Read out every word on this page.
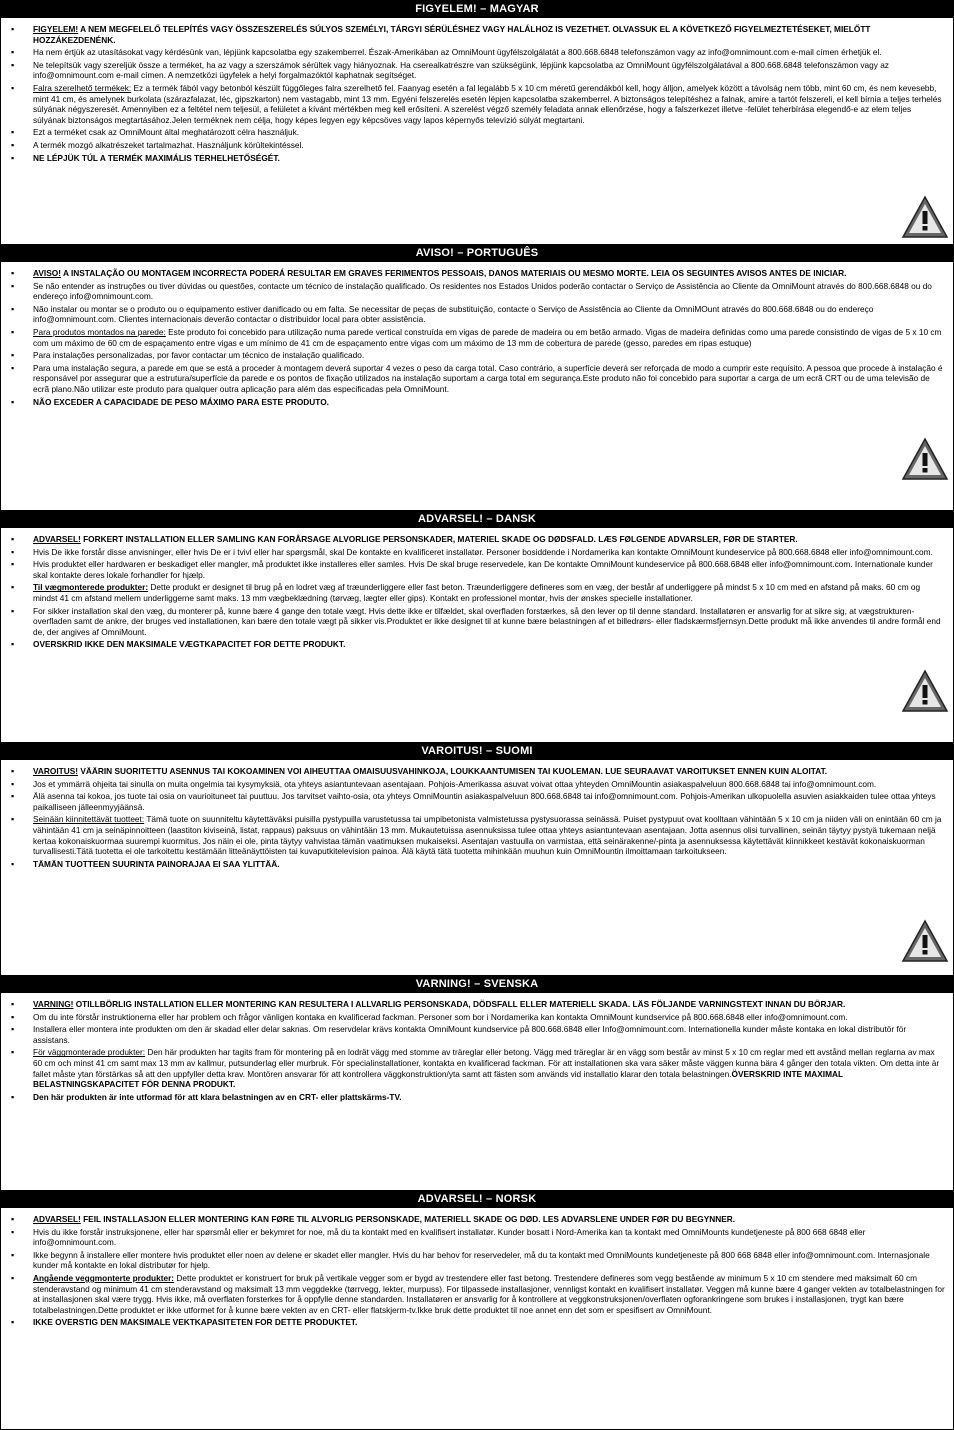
FIGYELEM! – MAGYAR
▪ FIGYELEM! A NEM MEGFELELŐ TELEPÍTÉS VAGY ÖSSZESZERELÉS SÚLYOS SZEMÉLYI, TÁRGYI SÉRÜLÉSHEZ VAGY HALÁLHOZ IS VEZETHET. OLVASSUK EL A KÖVETKEZŐ FIGYELMEZTETÉSEKET, MIELŐTT HOZZÁKEZDENÉNK.
▪ Ha nem értjük az utasításokat vagy kérdésünk van, lépjünk kapcsolatba egy szakemberrel. Észak-Amerikában az OmniMount ügyfélszolgálatát a 800.668.6848 telefonszámon vagy az info@omnimount.com e-mail címen érhetjük el.
▪ Ne telepítsük vagy szereljük össze a terméket, ha az vagy a szerszámok sérültek vagy hiányoznak. Ha cserealkatrészre van szükségünk, lépjünk kapcsolatba az OmniMount ügyfélszolgálatával a 800.668.6848 telefonszámon vagy az info@omnimount.com e-mail címen. A nemzetközi ügyfelek a helyi forgalmazóktól kaphatnak segítséget.
▪ Falra szerelhető termékek: Ez a termék fából vagy betonból készült függőleges falra szerelhető fel. Faanyag esetén a fal legalább 5 x 10 cm méretű gerendákból kell, hogy álljon, amelyek között a távolság nem több, mint 60 cm, és nem kevesebb, mint 41 cm, és amelynek burkolata (szárazfalazat, léc, gipszkarton) nem vastagabb, mint 13 mm. Egyéni felszerelés esetén lépjen kapcsolatba szakemberrel. A biztonságos telepítéshez a falnak, amire a tartót felszereli, el kell bírnia a teljes terhelés súlyának négyszeresét. Amennyiben ez a feltétel nem teljesül, a felületet a kívánt mértékben meg kell erősíteni. A szerelést végző személy feladata annak ellenőrzése, hogy a falszerkezet illetve -felület teherbírása elegendő-e az elem teljes súlyának biztonságos megtartásához.Jelen terméknek nem célja, hogy képes legyen egy képcsöves vagy lapos képernyős televízió súlyát megtartani.
▪ Ezt a terméket csak az OmniMount által meghatározott célra használjuk.
▪ A termék mozgó alkatrészeket tartalmazhat. Használjunk körültekintéssel.
▪ NE LÉPJÜK TÚL A TERMÉK MAXIMÁLIS TERHELHETŐSÉGÉT.
AVISO! – PORTUGUÊS
▪ AVISO! A INSTALAÇÃO OU MONTAGEM INCORRECTA PODERÁ RESULTAR EM GRAVES FERIMENTOS PESSOAIS, DANOS MATERIAIS OU MESMO MORTE. LEIA OS SEGUINTES AVISOS ANTES DE INICIAR.
▪ Se não entender as instruções ou tiver dúvidas ou questões, contacte um técnico de instalação qualificado. Os residentes nos Estados Unidos poderão contactar o Serviço de Assistência ao Cliente da OmniMount através do 800.668.6848 ou do endereço info@omnimount.com.
▪ Não instalar ou montar se o produto ou o equipamento estiver danificado ou em falta. Se necessitar de peças de substituição, contacte o Serviço de Assistência ao Cliente da OmniMOunt através do 800.668.6848 ou do endereço info@omnimount.com. Clientes internacionais deverão contactar o distribuidor local para obter assistência.
▪ Para produtos montados na parede: Este produto foi concebido para utilização numa parede vertical construída em vigas de parede de madeira ou em betão armado. Vigas de madeira definidas como uma parede consistindo de vigas de 5 x 10 cm com um máximo de 60 cm de espaçamento entre vigas e um mínimo de 41 cm de espaçamento entre vigas com um máximo de 13 mm de cobertura de parede (gesso, paredes em ripas estuque)
▪ Para instalações personalizadas, por favor contactar um técnico de instalação qualificado.
▪ Para uma instalação segura, a parede em que se está a proceder à montagem deverá suportar 4 vezes o peso da carga total. Caso contrário, a superfície deverá ser reforçada de modo a cumprir este requisito. A pessoa que procede à instalação é responsável por assegurar que a estrutura/superfície da parede e os pontos de fixação utilizados na instalação suportam a carga total em segurança.Este produto não foi concebido para suportar a carga de um ecrã CRT ou de uma televisão de ecrã plano.Não utilizar este produto para qualquer outra aplicação para além das especificadas pela OmniMount.
▪ NÃO EXCEDER A CAPACIDADE DE PESO MÁXIMO PARA ESTE PRODUTO.
ADVARSEL! – DANSK
▪ ADVARSEL! FORKERT INSTALLATION ELLER SAMLING KAN FORÅRSAGE ALVORLIGE PERSONSKADER, MATERIEL SKADE OG DØDSFALD. LÆS FØLGENDE ADVARSLER, FØR DE STARTER.
▪ Hvis De ikke forstår disse anvisninger, eller hvis De er i tvivl eller har spørgsmål, skal De kontakte en kvalificeret installatør. Personer bosiddende i Nordamerika kan kontakte OmniMount kundeservice på 800.668.6848 eller info@omnimount.com.
▪ Hvis produktet eller hardwaren er beskadiget eller mangler, må produktet ikke installeres eller samles. Hvis De skal bruge reservedele, kan De kontakte OmniMount kundeservice på 800.668.6848 eller info@omnimount.com. Internationale kunder skal kontakte deres lokale forhandler for hjælp.
▪ Til vægmonterede produkter: Dette produkt er designet til brug på en lodret væg af træunderliggere eller fast beton. Træunderliggere defineres som en væg, der består af underliggere på mindst 5 x 10 cm med en afstand på maks. 60 cm og mindst 41 cm afstand mellem underliggerne samt maks. 13 mm vægbeklædning (tørvæg, lægter eller gips). Kontakt en professionel montør, hvis der ønskes specielle installationer.
▪ For sikker installation skal den væg, du monterer på, kunne bære 4 gange den totale vægt. Hvis dette ikke er tilfældet, skal overfladen forstærkes, så den lever op til denne standard. Installatøren er ansvarlig for at sikre sig, at vægstrukturen-overfladen samt de ankre, der bruges ved installationen, kan bære den totale vægt på sikker vis.Produktet er ikke designet til at kunne bære belastningen af et billedrørs- eller fladskærmsfjernsyn.Dette produkt må ikke anvendes til andre formål end de, der angives af OmniMount.
▪ OVERSKRID IKKE DEN MAKSIMALE VÆGTKAPACITET FOR DETTE PRODUKT.
VAROITUS! – SUOMI
▪ VAROITUS! VÄÄRIN SUORITETTU ASENNUS TAI KOKOAMINEN VOI AIHEUTTAA OMAISUUSVAHINKOJA, LOUKKAANTUMISEN TAI KUOLEMAN. LUE SEURAAVAT VAROITUKSET ENNEN KUIN ALOITAT.
▪ Jos et ymmärrä ohjeita tai sinulla on muita ongelmia tai kysymyksiä, ota yhteys asiantuntevaan asentajaan. Pohjois-Amerikassa asuvat voivat ottaa yhteyden OmniMountin asiakaspalveluun 800.668.6848 tai info@omnimount.com.
▪ Älä asenna tai kokoa, jos tuote tai osia on vaurioituneet tai puuttuu. Jos tarvitset vaihto-osia, ota yhteys OmniMountin asiakaspalveluun 800.668.6848 tai info@omnimount.com. Pohjois-Amerikan ulkopuolella asuvien asiakkaiden tulee ottaa yhteys paikalliseen jälleenmyyjäänsä.
▪ Seinään kiinnitettävät tuotteet: Tämä tuote on suunniteltu käytettäväksi puisilla pystypuilla varustetussa tai umpibetonista valmistetussa pystysuorassa seinässä. Puiset pystypuut ovat koolltaan vähintään 5 x 10 cm ja niiden väli on enintään 60 cm ja vähintään 41 cm ja seinäpinnoitteen (laastiton kiviseinä, listat, rappaus) paksuus on vähintään 13 mm. Mukautetuissa asennuksissa tulee ottaa yhteys asiantuntevaan asentajaan. Jotta asennus olisi turvallinen, seinän täytyy pystyä tukemaan neljä kertaa kokonaiskuormaa suurempi kuormitus. Jos näin ei ole, pinta täytyy vahvistaa tämän vaatimuksen mukaiseksi. Asentajan vastuulla on varmistaa, että seinärakenne/-pinta ja asennuksessa käytettävät kiinnikkeet kestävät kokonaiskuorman turvallisesti.Tätä tuotetta ei ole tarkoitettu kestämään litteänäyttöisten tai kuvaputkitelevision painoa. Älä käytä tätä tuotetta mihinkään muuhun kuin OmniMountin ilmoittamaan tarkoitukseen.
▪ TÄMÄN TUOTTEEN SUURINTA PAINORAJAA EI SAA YLITTÄÄ.
VARNING! – SVENSKA
▪ VARNING! OTILLBÖRLIG INSTALLATION ELLER MONTERING KAN RESULTERA I ALLVARLIG PERSONSKADA, DÖDSFALL ELLER MATERIELL SKADA. LÄS FÖLJANDE VARNINGSTEXT INNAN DU BÖRJAR.
▪ Om du inte förstår instruktionerna eller har problem och frågor vänligen kontaka en kvalificerad fackman. Personer som bor i Nordamerika kan kontakta OmniMount kundservice på 800.668.6848 eller info@omnimount.com.
▪ Installera eller montera inte produkten om den är skadad eller delar saknas. Om reservdelar krävs kontakta OmniMount kundservice på 800.668.6848 eller Info@omnimount.com. Internationella kunder måste kontaka en lokal distributör för assistans.
▪ För väggmonterade produkter: Den här produkten har tagits fram för montering på en lodrät vägg med stomme av träreglar eller betong. Vägg med träreglar är en vägg som består av minst 5 x 10 cm reglar med ett avstånd mellan reglarna av max 60 cm och minst 41 cm samt max 13 mm av kallmur, putsunderlag eller murbruk. För specialinstallationer, kontakta en kvalificerad fackman. För att installationen ska vara säker måste väggen kunna bära 4 gånger den totala vikten. Om detta inte är fallet måste ytan förstärkas så att den uppfyller detta krav. Montören ansvarar för att kontrollera väggkonstruktion/yta samt att fästen som används vid installatio klarar den totala belastningen.ÖVERSKRID INTE MAXIMAL BELASTNINGSKAPACITET FÖR DENNA PRODUKT.
▪ Den här produkten är inte utformad för att klara belastningen av en CRT- eller plattskärms-TV.
ADVARSEL! – NORSK
▪ ADVARSEL! FEIL INSTALLASJON ELLER MONTERING KAN FØRE TIL ALVORLIG PERSONSKADE, MATERIELL SKADE OG DØD. LES ADVARSLENE UNDER FØR DU BEGYNNER.
▪ Hvis du ikke forstår instruksjonene, eller har spørsmål eller er bekymret for noe, må du ta kontakt med en kvalifisert installatør. Kunder bosatt i Nord-Amerika kan ta kontakt med OmniMounts kundetjeneste på 800 668 6848 eller info@omnimount.com.
▪ Ikke begynn å installere eller montere hvis produktet eller noen av delene er skadet eller mangler. Hvis du har behov for reservedeler, må du ta kontakt med OmniMounts kundetjeneste på 800 668 6848 eller info@omnimount.com. Internasjonale kunder må kontakte en lokal distributør for hjelp.
▪ Angående veggmonterte produkter: Dette produktet er konstruert for bruk på vertikale vegger som er bygd av trestendere eller fast betong. Trestendere defineres som vegg bestående av minimum 5 x 10 cm stendere med maksimalt 60 cm stenderavstand og minimum 41 cm stenderavstand og maksimalt 13 mm veggdekke (tørrvegg, lekter, murpuss). For tilpassede installasjoner, vennligst kontakt en kvalifisert installatør. Veggen må kunne bære 4 ganger vekten av totalbelastningen for at installasjonen skal være trygg. Hvis ikke, må overflaten forsterkes for å oppfylle denne standarden. Installatøren er ansvarlig for å kontrollere at veggkonstruksjonen/overflaten ogforankringene som brukes i installasjonen, trygt kan bære totalbelastningen.Dette produktet er ikke utformet for å kunne bære vekten av en CRT- eller flatskjerm-tv.Ikke bruk dette produktet til noe annet enn det som er spesifisert av OmniMount.
▪ IKKE OVERSTIG DEN MAKSIMALE VEKTKAPASITETEN FOR DETTE PRODUKTET.
